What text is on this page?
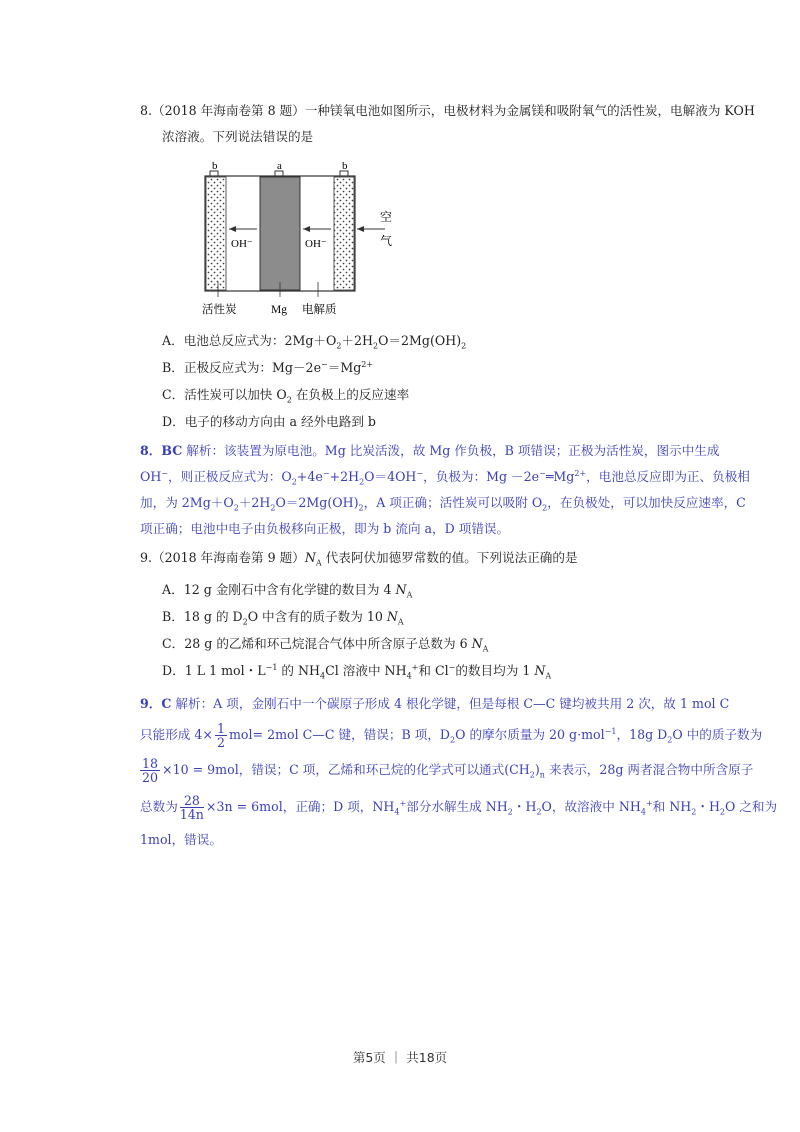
8.（2018 年海南卷第 8 题）一种镁氧电池如图所示，电极材料为金属镁和吸附氧气的活性炭，电解液为 KOH
浓溶液。下列说法错误的是
b	a	b
OH⁻	OH⁻
空
气
活性炭	Mg 电解质
A．电池总反应式为：$2Mg+O_2+2H_2O=2Mg(OH)_2$
B．正极反应式为：$Mg-2e^-=Mg^{2+}$
C．活性炭可以加快 $O_2$ 在负极上的反应速率
D．电子的移动方向由 a 经外电路到 b
8．BC 解析：该装置为原电池。Mg 比炭活泼，故 Mg 作负极，B 项错误；正极为活性炭，图示中生成
OH−，则正极反应式为：$O_2+4e^-+2H_2O=4OH^-$，负极为：$Mg -2e^-═Mg^{2+}$，电池总反应即为正、负极相
加，为 $2Mg+O_2+2H_2O=2Mg(OH)_2$，A 项正确；活性炭可以吸附 $O_2$，在负极处，可以加快反应速率，C
项正确；电池中电子由负极移向正极，即为 b 流向 a，D 项错误。
9.（2018 年海南卷第 9 题）$N_A$ 代表阿伏加德罗常数的值。下列说法正确的是
A．12 g 金刚石中含有化学键的数目为 4 $N_A$
B．18 g 的 $D_2O$ 中含有的质子数为 10 $N_A$
C．28 g 的乙烯和环己烷混合气体中所含原子总数为 6 $N_A$
D．1 L 1 mol・$L^{-1}$ 的 $NH_4Cl$ 溶液中 $NH_4^+$和 Cl−的数目均为 1 $N_A$
9．C 解析：A 项，金刚石中一个碳原子形成 4 根化学键，但是每根 C—C 键均被共用 2 次，故 1 mol C
只能形成 $4\times \frac{1}{2} mol= 2mol$ C—C 键，错误；B 项，$D_2O$ 的摩尔质量为 20 g·mol$^{-1}$，18g $D_2O$ 中的质子数为
$\frac{18}{20} \times 10 = 9mol$，错误；C 项，乙烯和环己烷的化学式可以通式$(CH_2)_n$ 来表示，28g 两者混合物中所含原子
总数为 $\frac{28}{14n} \times 3n = 6mol$，正确；D 项，$NH_4^+$部分水解生成 $NH_2$・$H_2O$，故溶液中 $NH_4^+$和 $NH_2$・$H_2O$ 之和为
1mol，错误。
第5页 ｜ 共18页
